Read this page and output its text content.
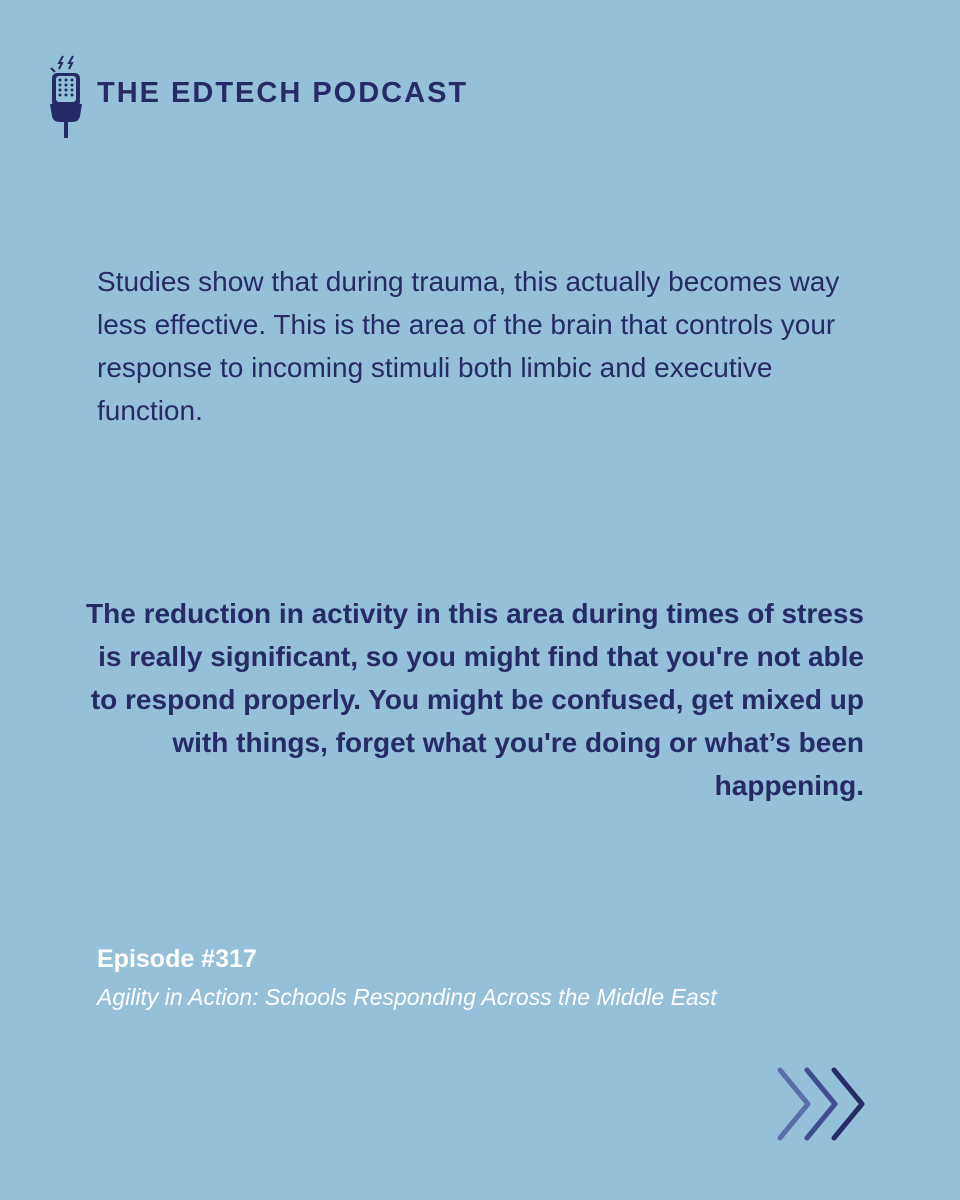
THE EDTECH PODCAST

Studies show that during trauma, this actually becomes way less effective. This is the area of the brain that controls your response to incoming stimuli both limbic and executive function.

The reduction in activity in this area during times of stress is really significant, so you might find that you're not able to respond properly. You might be confused, get mixed up with things, forget what you're doing or what’s been happening.

Episode #317
Agility in Action: Schools Responding Across the Middle East
